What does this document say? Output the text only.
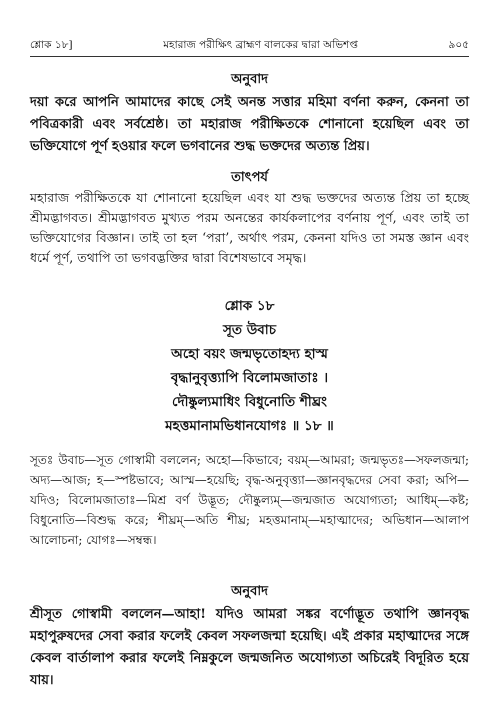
শ্লোক ১৮]	মহারাজ পরীক্ষিৎ ব্রাহ্মণ বালকের দ্বারা অভিশপ্ত	৯০৫
অনুবাদ
দয়া করে আপনি আমাদের কাছে সেই অনন্ত সত্তার মহিমা বর্ণনা করুন, কেননা তা পবিত্রকারী এবং সর্বশ্রেষ্ঠ। তা মহারাজ পরীক্ষিতকে শোনানো হয়েছিল এবং তা ভক্তিযোগে পূর্ণ হওয়ার ফলে ভগবানের শুদ্ধ ভক্তদের অত্যন্ত প্রিয়।
তাৎপর্য
মহারাজ পরীক্ষিতকে যা শোনানো হয়েছিল এবং যা শুদ্ধ ভক্তদের অত্যন্ত প্রিয় তা হচ্ছে শ্রীমদ্ভাগবত। শ্রীমদ্ভাগবত মুখ্যত পরম অনন্তের কার্যকলাপের বর্ণনায় পূর্ণ, এবং তাই তা ভক্তিযোগের বিজ্ঞান। তাই তা হল ‘পরা’, অর্থাৎ পরম, কেননা যদিও তা সমস্ত জ্ঞান এবং ধর্মে পূর্ণ, তথাপি তা ভগবদ্ভক্তির দ্বারা বিশেষভাবে সমৃদ্ধ।
শ্লোক ১৮
সূত উবাচ
অহো বয়ং জন্মভৃতোহদ্য হাস্ম
বৃদ্ধানুবৃত্ত্যাপি বিলোমজাতাঃ ।
দৌষ্কুল্যমাধিং বিধুনোতি শীঘ্রং
মহত্তমানামভিধানযোগঃ ॥ ১৮ ॥
সূতঃ উবাচ—সূত গোস্বামী বললেন; অহো—কিভাবে; বয়ম্—আমরা; জন্মভৃতঃ—সফলজন্মা; অদ্য—আজ; হ—স্পষ্টভাবে; আস্ম—হয়েছি; বৃদ্ধ-অনুবৃত্ত্যা—জ্ঞানবৃদ্ধদের সেবা করা; অপি—যদিও; বিলোমজাতাঃ—মিশ্র বর্ণ উদ্ভূত; দৌষ্কুল্যম্—জন্মজাত অযোগ্যতা; আধিম্—কষ্ট; বিধুনোতি—বিশুদ্ধ করে; শীঘ্রম্—অতি শীঘ্র; মহত্তমানাম্—মহাত্মাদের; অভিধান—আলাপ আলোচনা; যোগঃ—সম্বন্ধ।
অনুবাদ
শ্রীসূত গোস্বামী বললেন—আহা! যদিও আমরা সঙ্কর বর্ণোদ্ভূত তথাপি জ্ঞানবৃদ্ধ মহাপুরুষদের সেবা করার ফলেই কেবল সফলজন্মা হয়েছি। এই প্রকার মহাত্মাদের সঙ্গে কেবল বার্তালাপ করার ফলেই নিম্নকুলে জন্মজনিত অযোগ্যতা অচিরেই বিদূরিত হয়ে যায়।
